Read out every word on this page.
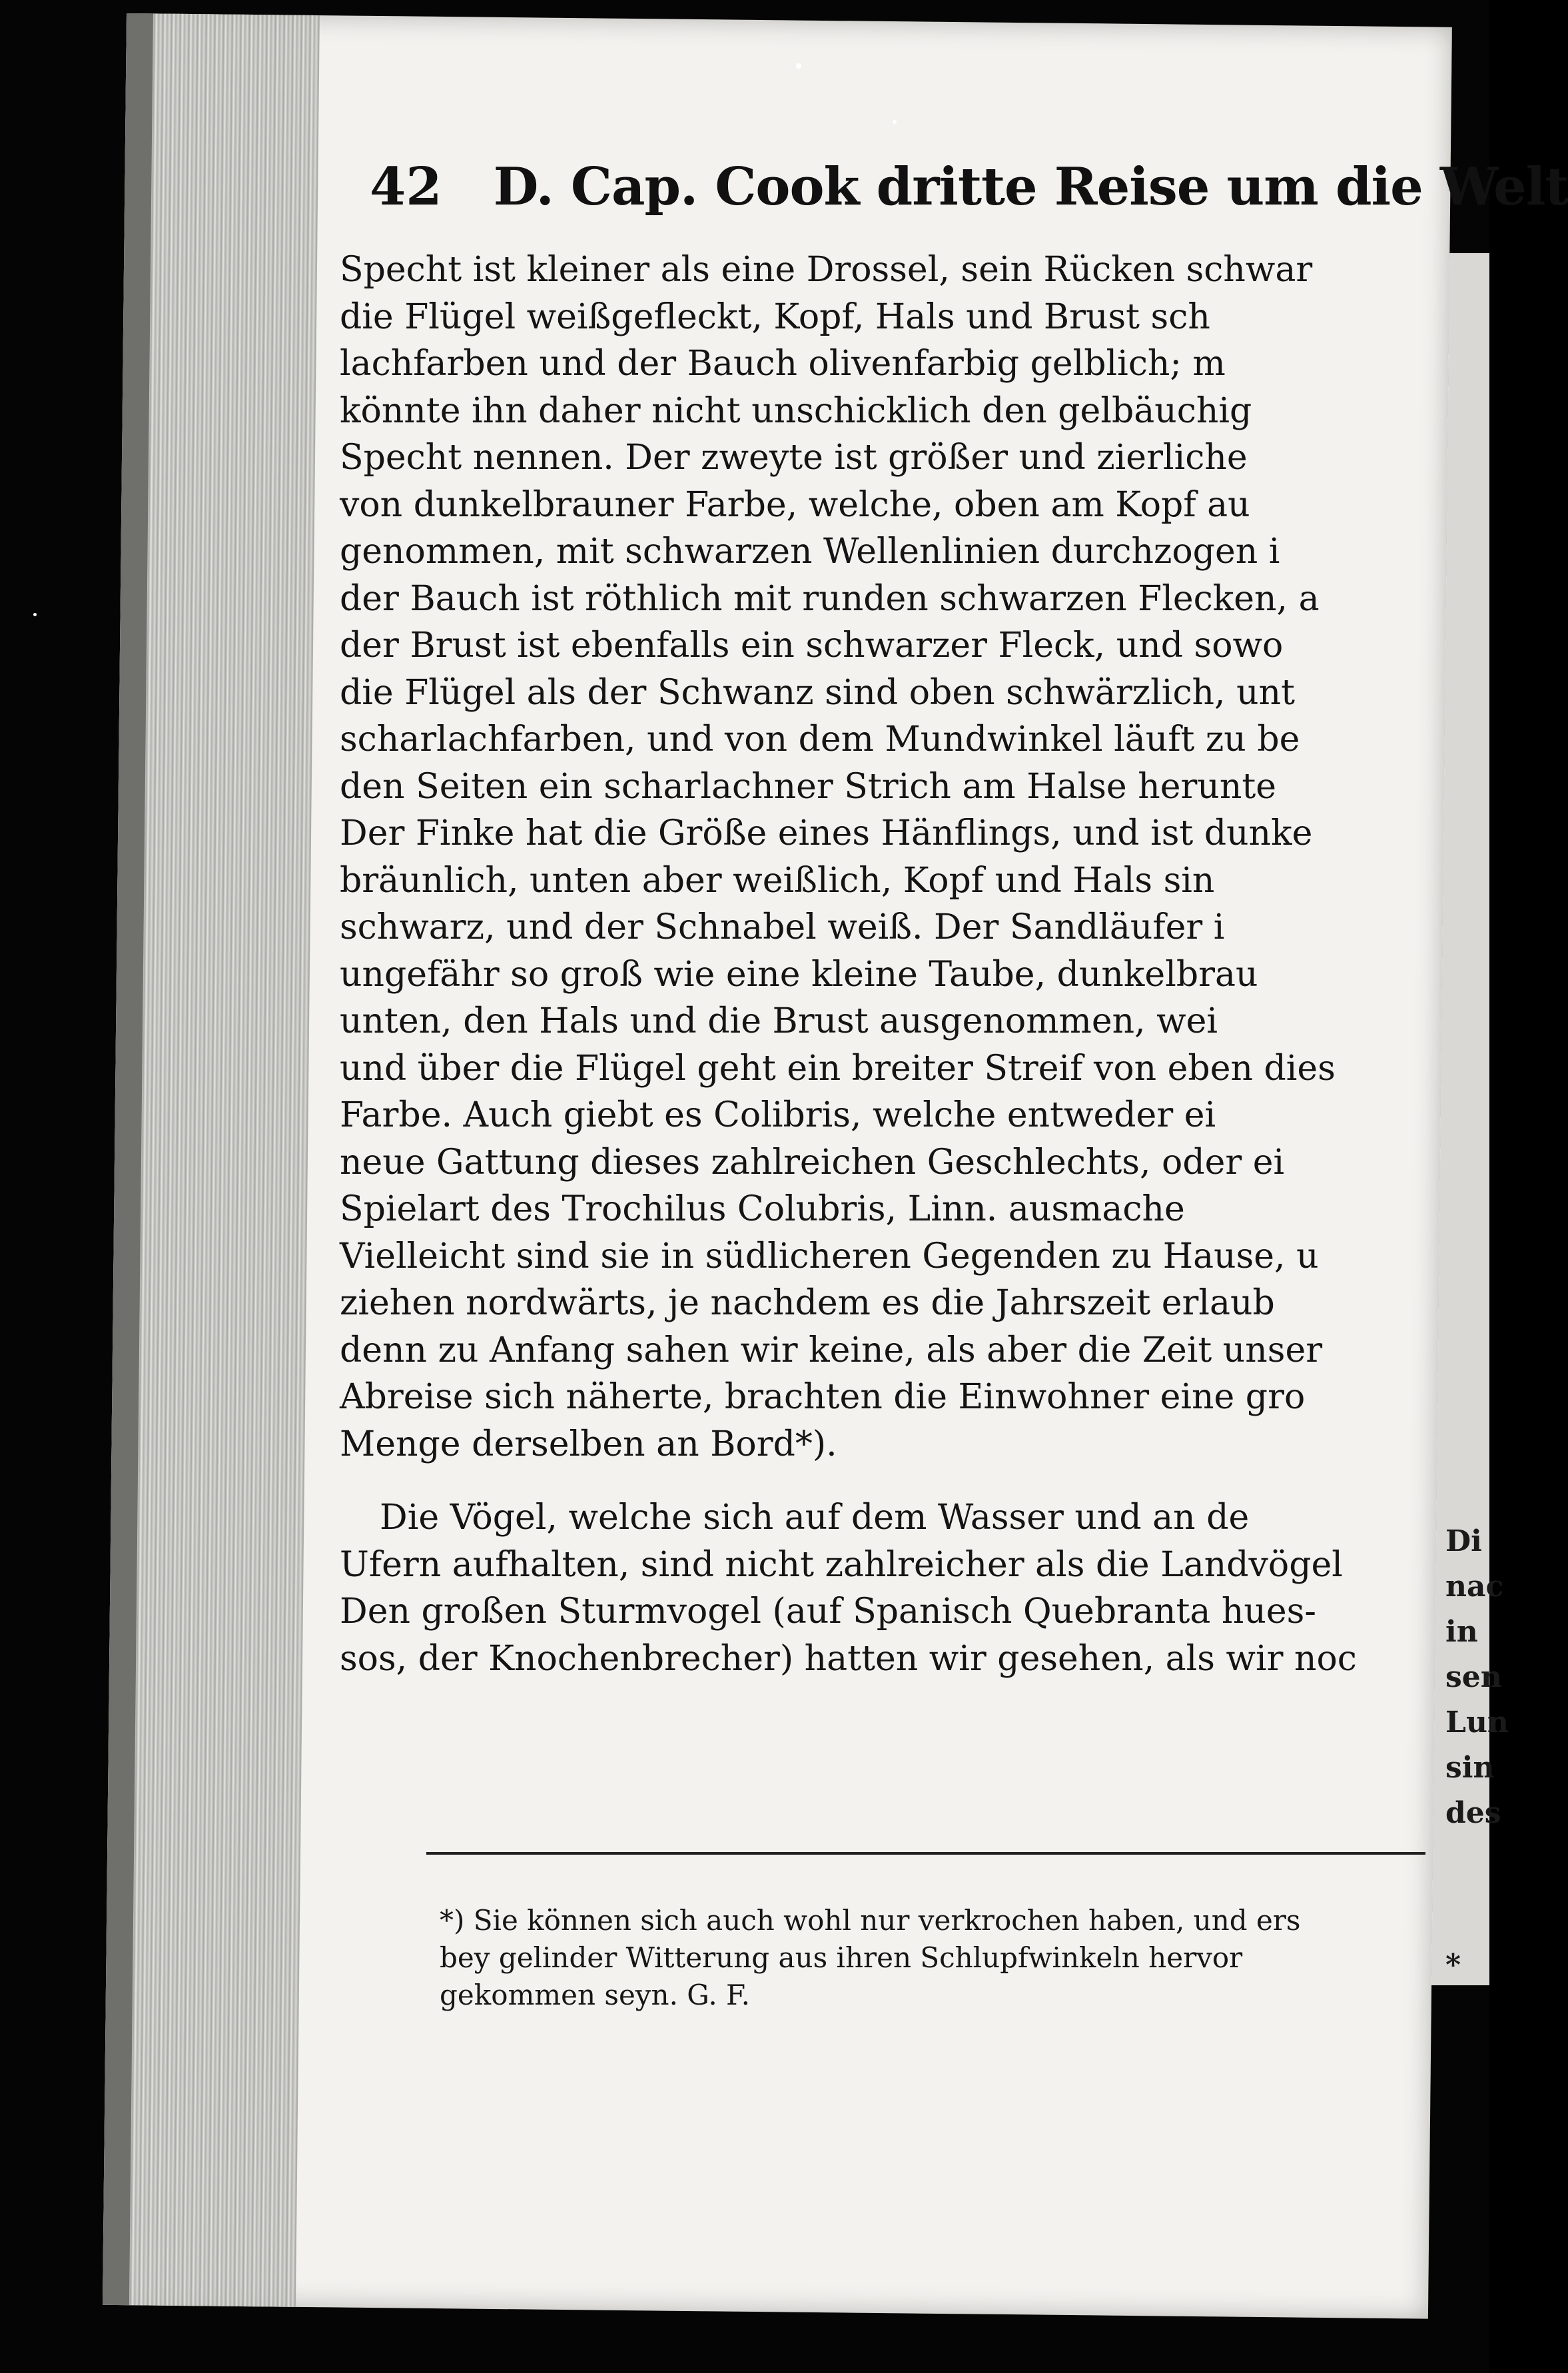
42 D. Cap. Cook dritte Reise um die Welt
Specht ist kleiner als eine Drossel, sein Rücken schwar
die Flügel weißgefleckt, Kopf, Hals und Brust sch
lachfarben und der Bauch olivenfarbig gelblich; m
könnte ihn daher nicht unschicklich den gelbäuchig
Specht nennen. Der zweyte ist größer und zierliche
von dunkelbrauner Farbe, welche, oben am Kopf au
genommen, mit schwarzen Wellenlinien durchzogen i
der Bauch ist röthlich mit runden schwarzen Flecken, a
der Brust ist ebenfalls ein schwarzer Fleck, und sowo
die Flügel als der Schwanz sind oben schwärzlich, unt
scharlachfarben, und von dem Mundwinkel läuft zu be
den Seiten ein scharlachner Strich am Halse herunte
Der Finke hat die Größe eines Hänflings, und ist dunke
bräunlich, unten aber weißlich, Kopf und Hals sin
schwarz, und der Schnabel weiß. Der Sandläufer i
ungefähr so groß wie eine kleine Taube, dunkelbrau
unten, den Hals und die Brust ausgenommen, wei
und über die Flügel geht ein breiter Streif von eben dies
Farbe. Auch giebt es Colibris, welche entweder ei
neue Gattung dieses zahlreichen Geschlechts, oder ei
Spielart des Trochilus Colubris, Linn. ausmache
Vielleicht sind sie in südlicheren Gegenden zu Hause, u
ziehen nordwärts, je nachdem es die Jahrszeit erlaub
denn zu Anfang sahen wir keine, als aber die Zeit unser
Abreise sich näherte, brachten die Einwohner eine gro
Menge derselben an Bord*).
Die Vögel, welche sich auf dem Wasser und an de
Ufern aufhalten, sind nicht zahlreicher als die Landvögel
Den großen Sturmvogel (auf Spanisch Quebranta hues-
sos, der Knochenbrecher) hatten wir gesehen, als wir noc
*) Sie können sich auch wohl nur verkrochen haben, und ers
bey gelinder Witterung aus ihren Schlupfwinkeln hervor
gekommen seyn. G. F.
Di
nac
in
sen
Lun
sin
des
*
